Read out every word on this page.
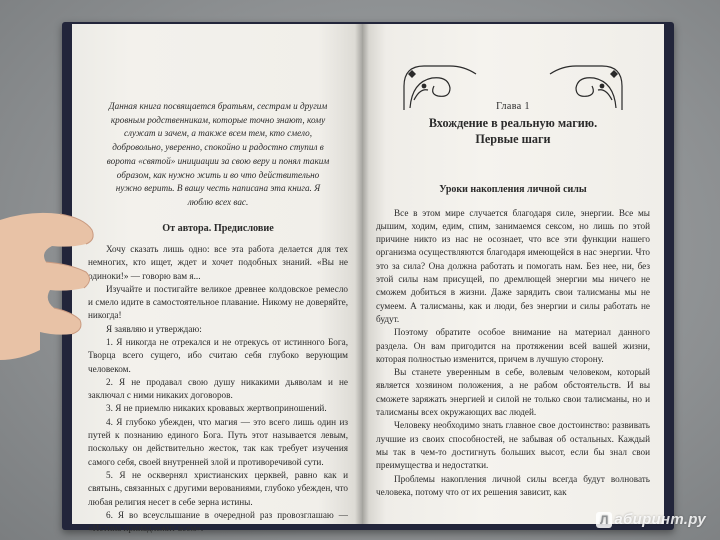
Данная книга посвящается братьям, сестрам и другим кровным родственникам, которые точно знают, кому служат и зачем, а также всем тем, кто смело, добровольно, уверенно, спокойно и радостно ступил в ворота «святой» инициации за свою веру и понял таким образом, как нужно жить и во что действительно нужно верить. В вашу честь написана эта книга. Я люблю всех вас.

От автора. Предисловие

Хочу сказать лишь одно: все эта работа делается для тех немногих, кто ищет, ждет и хочет подобных знаний. «Вы не одиноки!» — говорю вам я...

Изучайте и постигайте великое древнее колдовское ремесло и смело идите в самостоятельное плавание. Никому не доверяйте, никогда!

Я заявляю и утверждаю:

1. Я никогда не отрекался и не отрекусь от истинного Бога, Творца всего сущего, ибо считаю себя глубоко верующим человеком.

2. Я не продавал свою душу никакими дьяволам и не заключал с ними никаких договоров.

3. Я не приемлю никаких кровавых жертвоприношений.

4. Я глубоко убежден, что магия — это всего лишь один из путей к познанию единого Бога. Путь этот называется левым, поскольку он действительно жесток, так как требует изучения самого себя, своей внутренней злой и противоречивой сути.

5. Я не осквернял христианских церквей, равно как и святынь, связанных с другими верованиями, глубоко убежден, что любая религия несет в себе зерна истины.

6. Я во всеуслышание в очередной раз провозглашаю — «Истина принадлежит всем».

Глава 1
Вхождение в реальную магию.
Первые шаги
Уроки накопления личной силы

Все в этом мире случается благодаря силе, энергии. Все мы дышим, ходим, едим, спим, занимаемся сексом, но лишь по этой причине никто из нас не осознает, что все эти функции нашего организма осуществляются благодаря имеющейся в нас энергии. Что это за сила? Она должна работать и помогать нам. Без нее, ни, без этой силы нам присущей, по дремлющей энергии мы ничего не сможем добиться в жизни. Даже зарядить свои талисманы мы не сумеем. А талисманы, как и люди, без энергии и силы работать не будут.

Поэтому обратите особое внимание на материал данного раздела. Он вам пригодится на протяжении всей вашей жизни, которая полностью изменится, причем в лучшую сторону.

Вы станете уверенным в себе, волевым человеком, который является хозяином положения, а не рабом обстоятельств. И вы сможете заряжать энергией и силой не только свои талисманы, но и талисманы всех окружающих вас людей.

Человеку необходимо знать главное свое достоинство: развивать лучшие из своих способностей, не забывая об остальных. Каждый мы так в чем-то достигнуть больших высот, если бы знал свои преимущества и недостатки.

Проблемы накопления личной силы всегда будут волновать человека, потому что от их решения зависит, как

Л абиринт.ру
